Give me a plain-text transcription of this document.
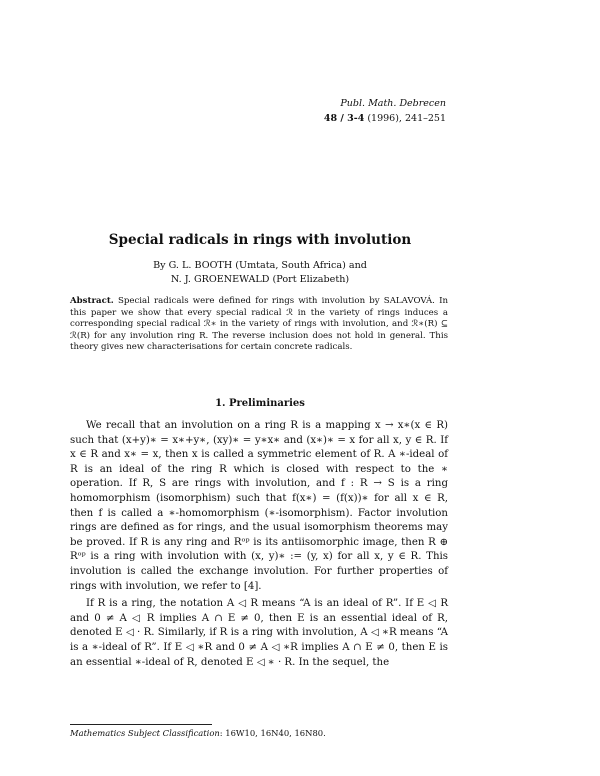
Publ. Math. Debrecen
48 / 3-4 (1996), 241–251
Special radicals in rings with involution
By G. L. BOOTH (Umtata, South Africa) and
N. J. GROENEWALD (Port Elizabeth)
Abstract. Special radicals were defined for rings with involution by SALAVOVÁ. In this paper we show that every special radical ℛ in the variety of rings induces a corresponding special radical ℛ∗ in the variety of rings with involution, and ℛ∗(R) ⊆ ℛ(R) for any involution ring R. The reverse inclusion does not hold in general. This theory gives new characterisations for certain concrete radicals.
1. Preliminaries

We recall that an involution on a ring R is a mapping x → x∗(x ∈ R) such that (x+y)∗ = x∗+y∗, (xy)∗ = y∗x∗ and (x∗)∗ = x for all x, y ∈ R. If x ∈ R and x∗ = x, then x is called a symmetric element of R. A ∗-ideal of R is an ideal of the ring R which is closed with respect to the ∗ operation. If R, S are rings with involution, and f : R → S is a ring homomorphism (isomorphism) such that f(x∗) = (f(x))∗ for all x ∈ R, then f is called a ∗-homomorphism (∗-isomorphism). Factor involution rings are defined as for rings, and the usual isomorphism theorems may be proved. If R is any ring and Rᵒᵖ is its antiisomorphic image, then R ⊕ Rᵒᵖ is a ring with involution with (x, y)∗ := (y, x) for all x, y ∈ R. This involution is called the exchange involution. For further properties of rings with involution, we refer to [4].

If R is a ring, the notation A ◁ R means “A is an ideal of R”. If E ◁ R and 0 ≠ A ◁ R implies A ∩ E ≠ 0, then E is an essential ideal of R, denoted E ◁ · R. Similarly, if R is a ring with involution, A ◁ ∗R means “A is a ∗-ideal of R”. If E ◁ ∗R and 0 ≠ A ◁ ∗R implies A ∩ E ≠ 0, then E is an essential ∗-ideal of R, denoted E ◁ ∗ · R. In the sequel, the

Mathematics Subject Classification: 16W10, 16N40, 16N80.
